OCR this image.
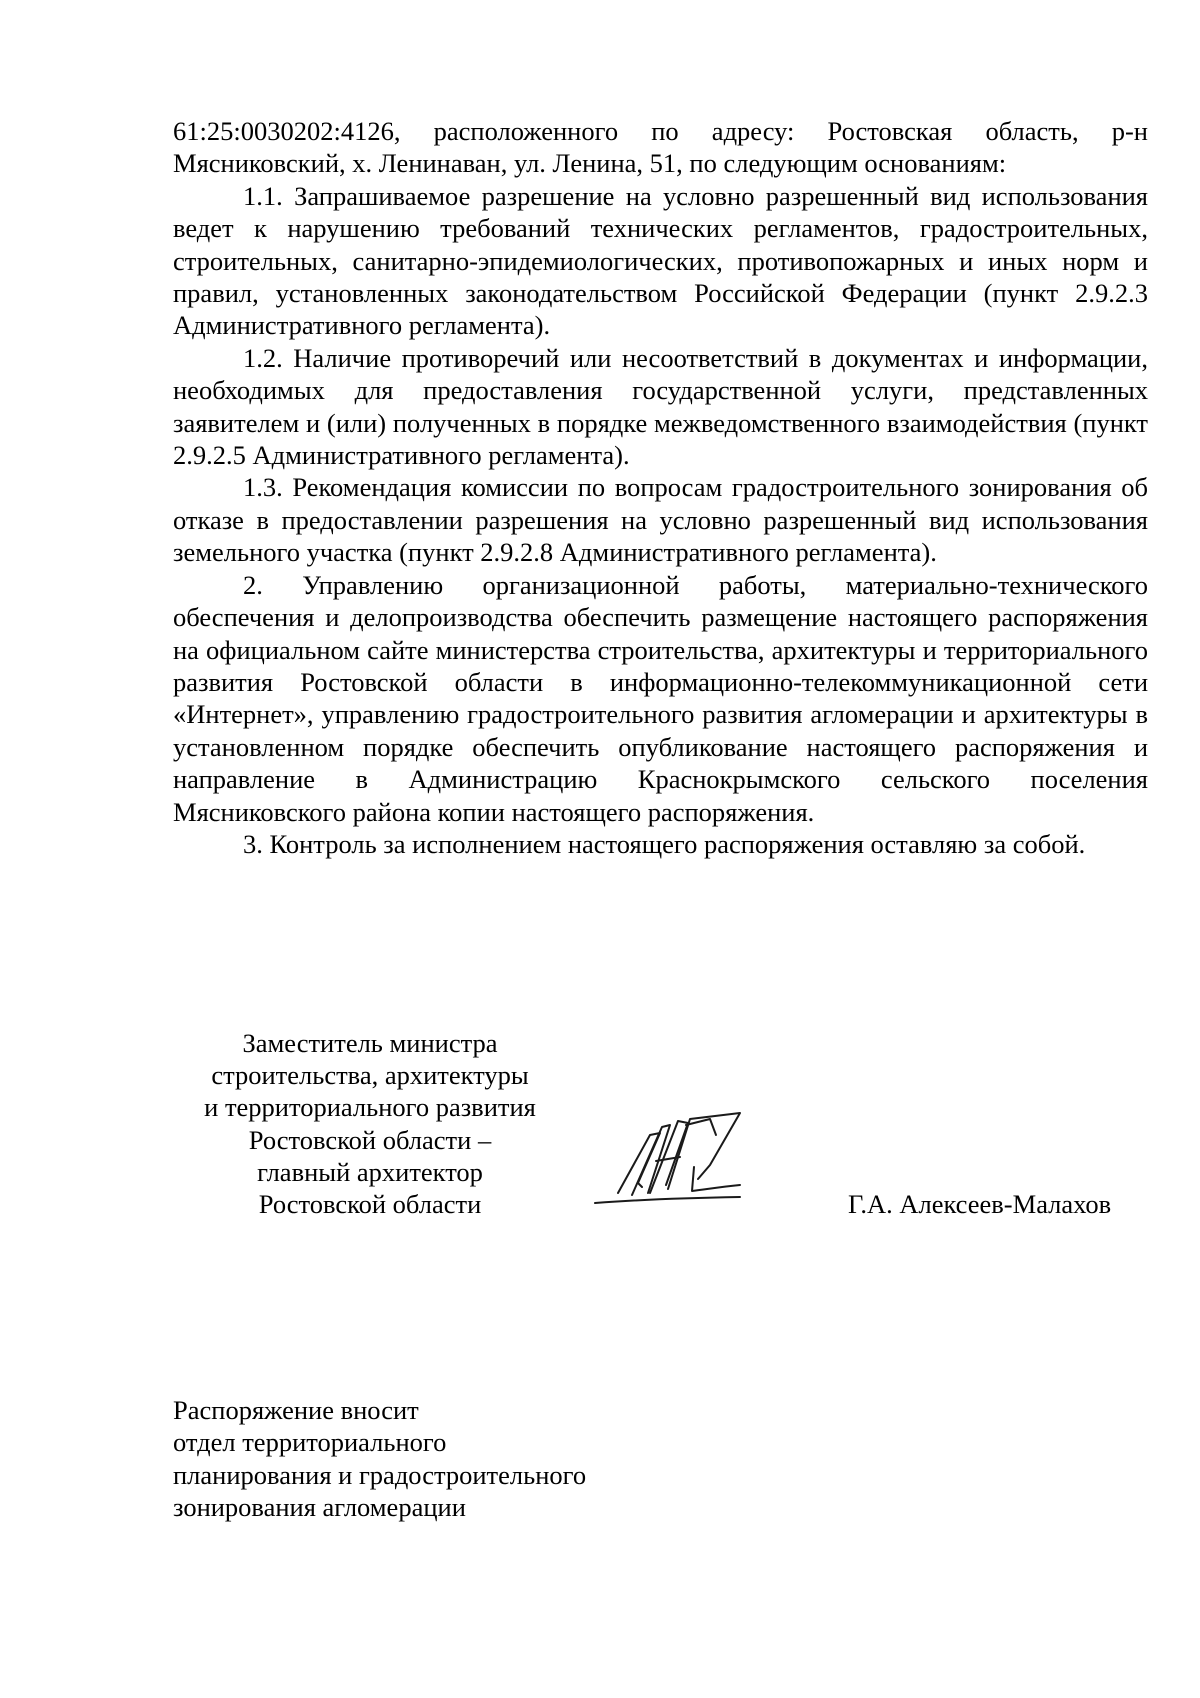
61:25:0030202:4126, расположенного по адресу: Ростовская область, р-н Мясниковский, х. Ленинаван, ул. Ленина, 51, по следующим основаниям:

1.1. Запрашиваемое разрешение на условно разрешенный вид использования ведет к нарушению требований технических регламентов, градостроительных, строительных, санитарно-эпидемиологических, противопожарных и иных норм и правил, установленных законодательством Российской Федерации (пункт 2.9.2.3 Административного регламента).

1.2. Наличие противоречий или несоответствий в документах и информации, необходимых для предоставления государственной услуги, представленных заявителем и (или) полученных в порядке межведомственного взаимодействия (пункт 2.9.2.5 Административного регламента).

1.3. Рекомендация комиссии по вопросам градостроительного зонирования об отказе в предоставлении разрешения на условно разрешенный вид использования земельного участка (пункт 2.9.2.8 Административного регламента).

2. Управлению организационной работы, материально-технического обеспечения и делопроизводства обеспечить размещение настоящего распоряжения на официальном сайте министерства строительства, архитектуры и территориального развития Ростовской области в информационно-телекоммуникационной сети «Интернет», управлению градостроительного развития агломерации и архитектуры в установленном порядке обеспечить опубликование настоящего распоряжения и направление в Администрацию Краснокрымского сельского поселения Мясниковского района копии настоящего распоряжения.

3. Контроль за исполнением настоящего распоряжения оставляю за собой.

Заместитель министра
строительства, архитектуры
и территориального развития
Ростовской области –
главный архитектор
Ростовской области	Г.А. Алексеев-Малахов
Распоряжение вносит
отдел территориального
планирования и градостроительного
зонирования агломерации
